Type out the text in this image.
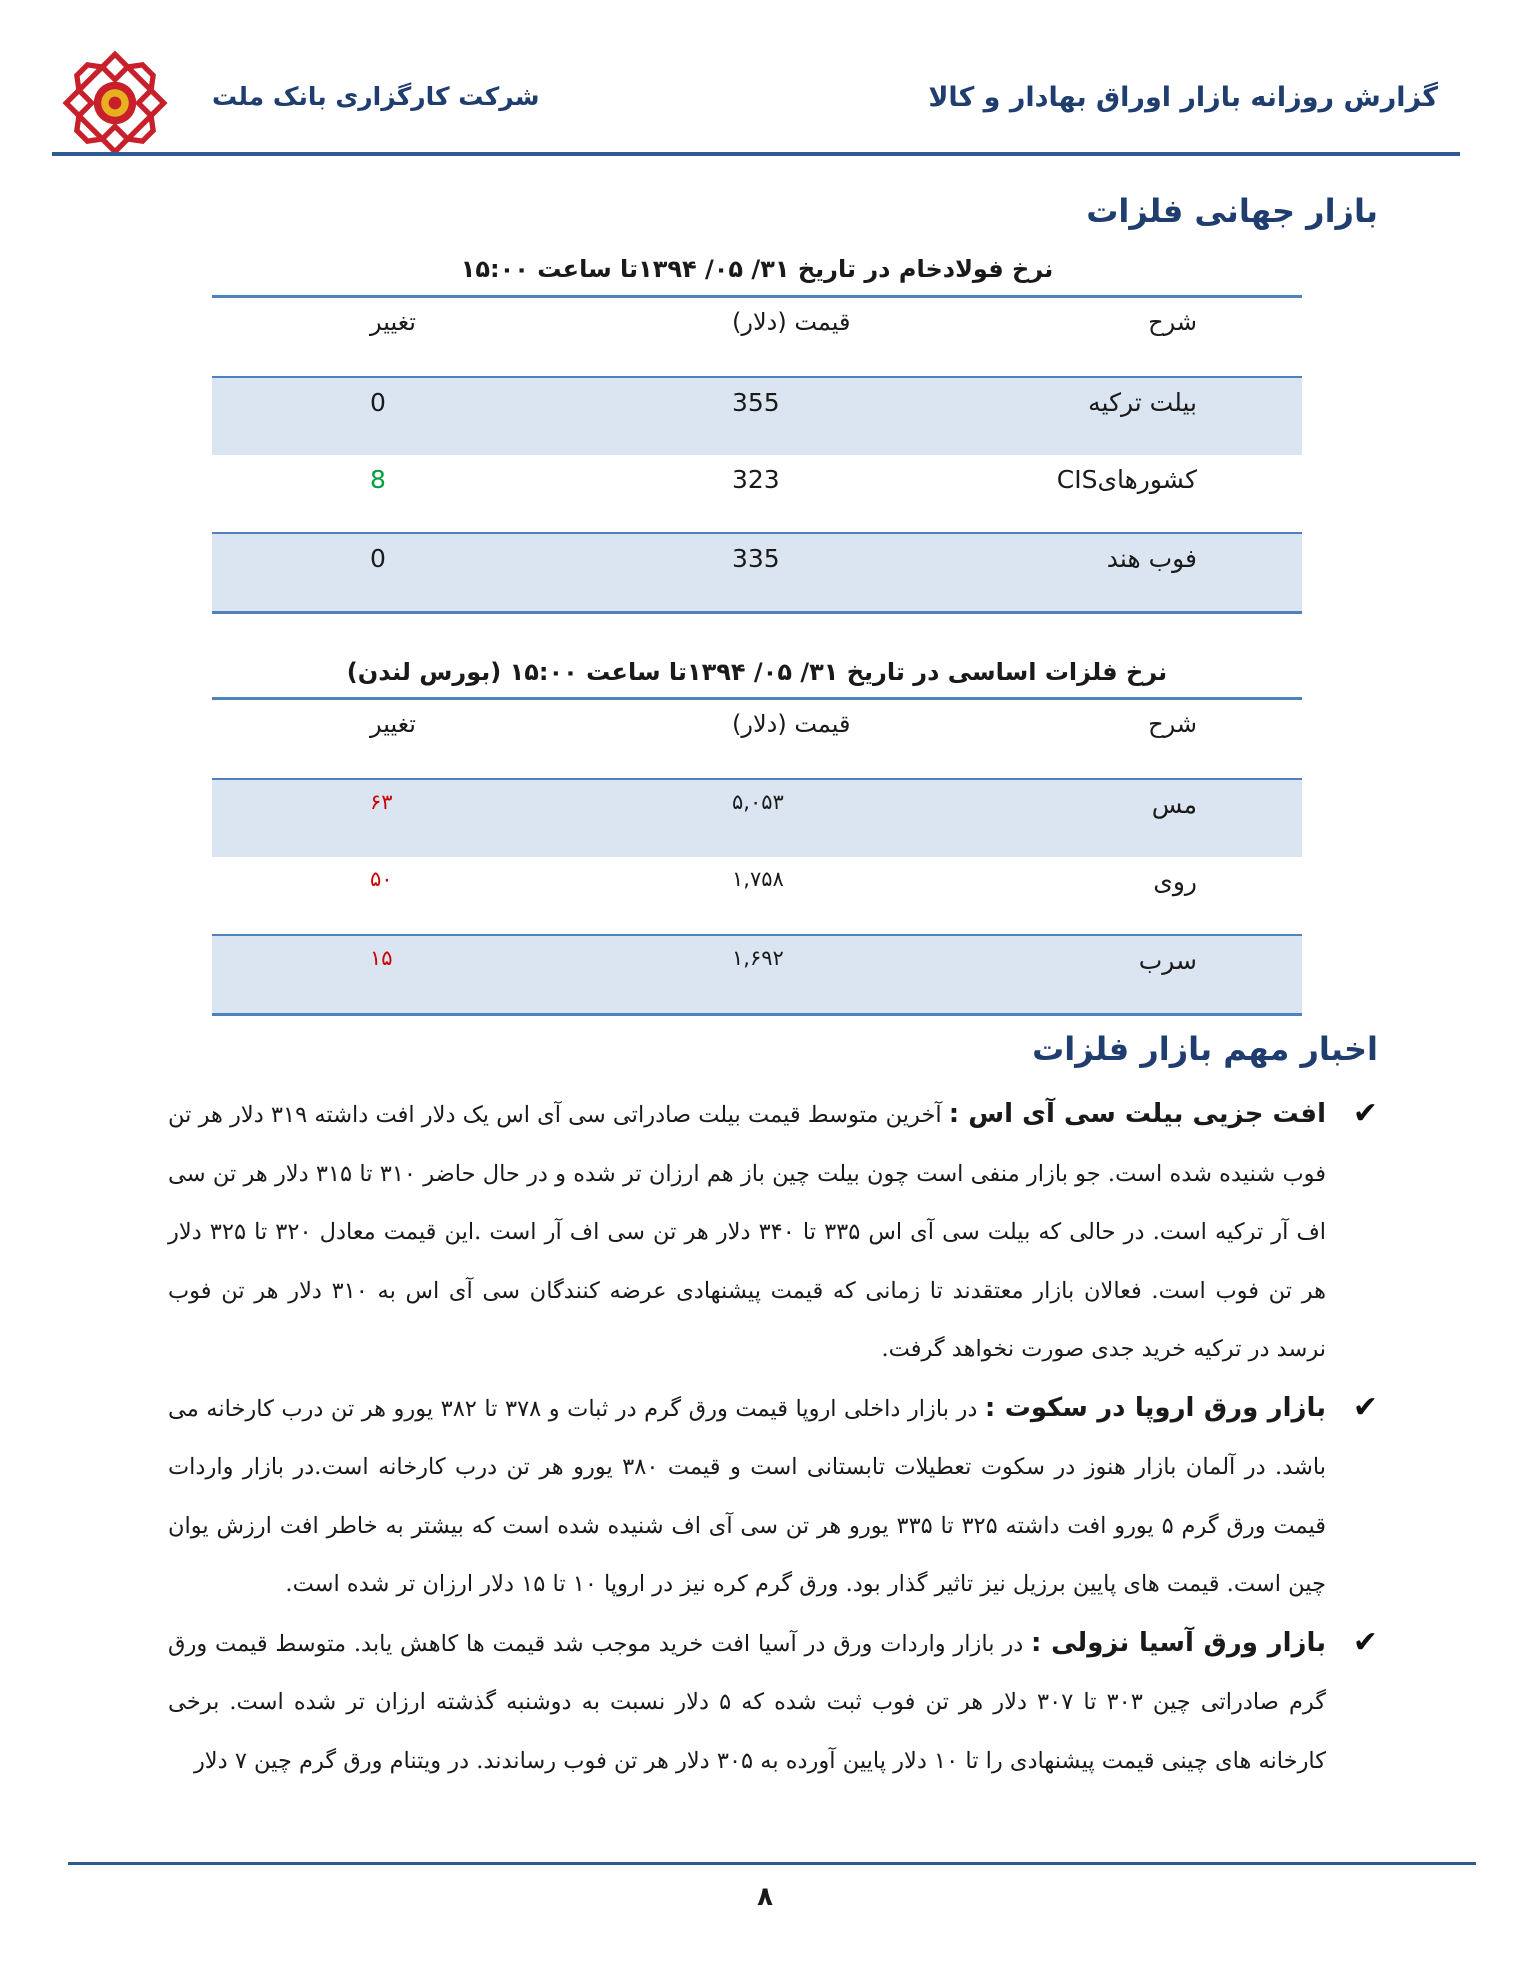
شرکت کارگزاری بانک ملت	گزارش روزانه بازار اوراق بهادار و کالا
بازار جهانی فلزات
نرخ فولادخام در تاریخ ۳۱/ ۰۵/ ۱۳۹۴تا ساعت ۱۵:۰۰
شرح
قیمت (دلار)
تغییر
بیلت ترکیه
355
0
کشورهایCIS
323
8
فوب هند
335
0
نرخ فلزات اساسی در تاریخ ۳۱/ ۰۵/ ۱۳۹۴تا ساعت ۱۵:۰۰ (بورس لندن)
شرح
قیمت (دلار)
تغییر
مس
۵,۰۵۳
۶۳
روی
۱,۷۵۸
۵۰
سرب
۱,۶۹۲
۱۵
اخبار مهم بازار فلزات
✔
افت جزیی بیلت سی آی اس : آخرین متوسط قیمت بیلت صادراتی سی آی اس یک دلار افت داشته ۳۱۹ دلار هر تن فوب شنیده شده است. جو بازار منفی است چون بیلت چین باز هم ارزان تر شده و در حال حاضر ۳۱۰ تا ۳۱۵ دلار هر تن سی اف آر ترکیه است. در حالی که بیلت سی آی اس ۳۳۵ تا ۳۴۰ دلار هر تن سی اف آر است .این قیمت معادل ۳۲۰ تا ۳۲۵ دلار هر تن فوب است. فعالان بازار معتقدند تا زمانی که قیمت پیشنهادی عرضه کنندگان سی آی اس به ۳۱۰ دلار هر تن فوب نرسد در ترکیه خرید جدی صورت نخواهد گرفت.
✔
بازار ورق اروپا در سکوت : در بازار داخلی اروپا قیمت ورق گرم در ثبات و ۳۷۸ تا ۳۸۲ یورو هر تن درب کارخانه می باشد. در آلمان بازار هنوز در سکوت تعطیلات تابستانی است و قیمت ۳۸۰ یورو هر تن درب کارخانه است.در بازار واردات قیمت ورق گرم ۵ یورو افت داشته ۳۲۵ تا ۳۳۵ یورو هر تن سی آی اف شنیده شده است که بیشتر به خاطر افت ارزش یوان چین است. قیمت های پایین برزیل نیز تاثیر گذار بود. ورق گرم کره نیز در اروپا ۱۰ تا ۱۵ دلار ارزان تر شده است.
✔
بازار ورق آسیا نزولی : در بازار واردات ورق در آسیا افت خرید موجب شد قیمت ها کاهش یابد. متوسط قیمت ورق گرم صادراتی چین ۳۰۳ تا ۳۰۷ دلار هر تن فوب ثبت شده که ۵ دلار نسبت به دوشنبه گذشته ارزان تر شده است. برخی کارخانه های چینی قیمت پیشنهادی را تا ۱۰ دلار پایین آورده به ۳۰۵ دلار هر تن فوب رساندند. در ویتنام ورق گرم چین ۷ دلار
۸
